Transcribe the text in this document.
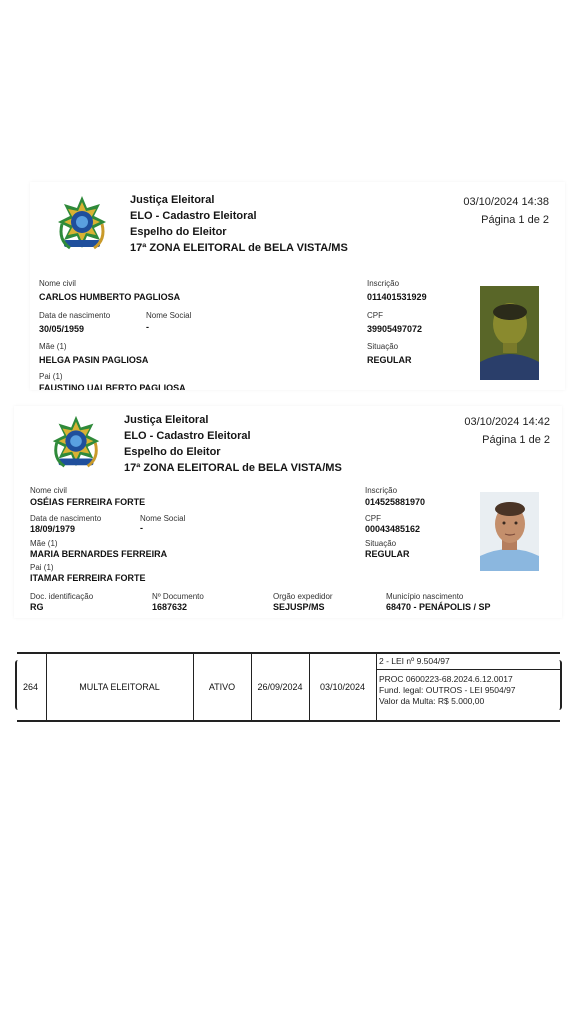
Justiça Eleitoral
ELO - Cadastro Eleitoral
Espelho do Eleitor
17ª ZONA ELEITORAL de BELA VISTA/MS
03/10/2024 14:38
Página 1 de 2
Nome civil
CARLOS HUMBERTO PAGLIOSA
Data de nascimento
30/05/1959
Nome Social
-
Mãe (1)
HELGA PASIN PAGLIOSA
Pai (1)
FAUSTINO UALBERTO PAGLIOSA
Inscrição
011401531929
CPF
39905497072
Situação
REGULAR
Justiça Eleitoral
ELO - Cadastro Eleitoral
Espelho do Eleitor
17ª ZONA ELEITORAL de BELA VISTA/MS
03/10/2024 14:42
Página 1 de 2
Nome civil
OSÉIAS FERREIRA FORTE
Data de nascimento
18/09/1979
Nome Social
-
Mãe (1)
MARIA BERNARDES FERREIRA
Pai (1)
ITAMAR FERREIRA FORTE
Inscrição
014525881970
CPF
00043485162
Situação
REGULAR
Doc. identificação
RG
Nº Documento
1687632
Orgão expedidor
SEJUSP/MS
Município nascimento
68470 - PENÁPOLIS / SP
264	MULTA ELEITORAL	ATIVO	26/09/2024	03/10/2024
2 - LEI nº 9.504/97
PROC 0600223-68.2024.6.12.0017
Fund. legal: OUTROS - LEI 9504/97
Valor da Multa: R$ 5.000,00
